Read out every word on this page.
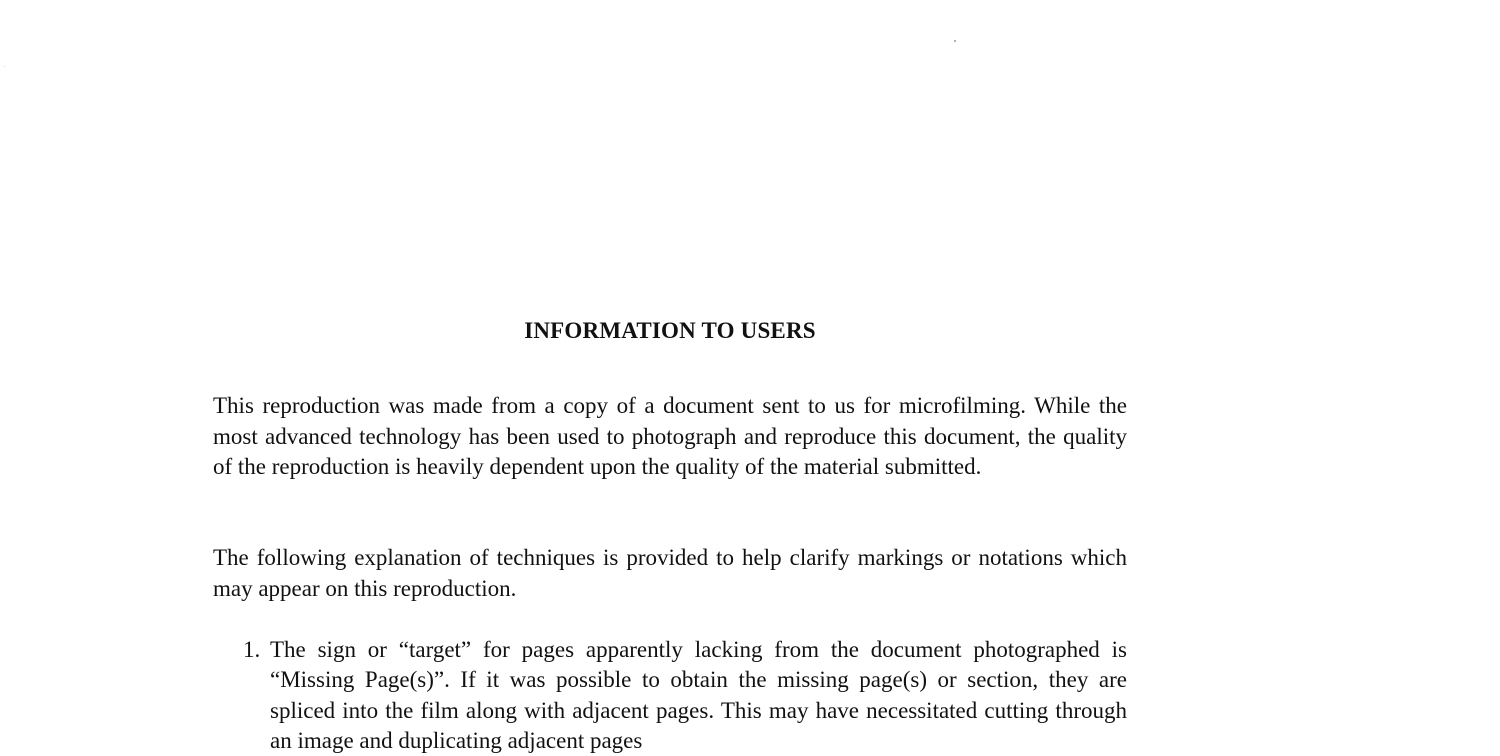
INFORMATION TO USERS

This reproduction was made from a copy of a document sent to us for microfilming. While the most advanced technology has been used to photograph and reproduce this document, the quality of the reproduction is heavily dependent upon the quality of the material submitted.

The following explanation of techniques is provided to help clarify markings or notations which may appear on this reproduction.

1. The sign or “target” for pages apparently lacking from the document photographed is “Missing Page(s)”. If it was possible to obtain the missing page(s) or section, they are spliced into the film along with adjacent pages. This may have necessitated cutting through an image and duplicating adjacent pages
